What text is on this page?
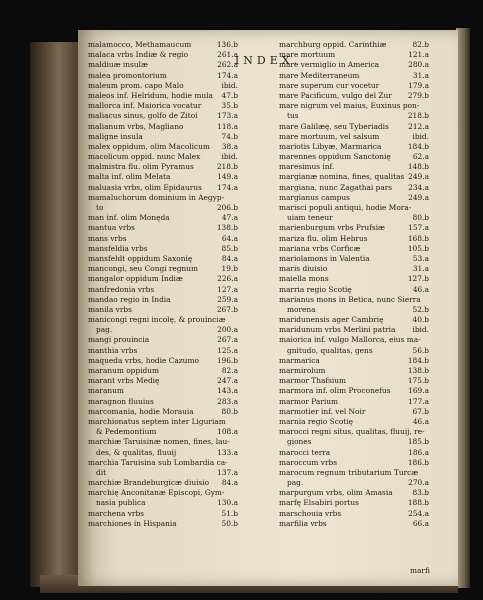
INDEX.
malamocco, Methamaucum	136.b
malaca vrbs Indiæ & regio	261.a
maldiuæ insulæ	262.a
malea promontorium	174.a
maleum prom. capo Malo	ibid.
maleos inf. Helridum, hodie mula 47.b
mallorca inf. Maiorica vocatur	35.b
maliacus sinus, golfo de Zitoi	173.a
malianum vrbs, Magliano	118.a
maligne insula	74.b
malex oppidum, olim Macolicum 38.a
macolicum oppid. nunc Malex	ibid.
malmistra flu. olim Pyramus	218.b
malta inf. olim Melata	149.a
maluasia vrbs, olim Epidaurus 174.a
mamaluchorum dominium in Aegyp-
to	206.b
man inf. olim Monęda	47.a
mantua vrbs	138.b
mans vrbs	64.a
mansfeldia vrbs	85.b
mansfeldt oppidum Saxonię	84.a
mancongi, seu Congi regnum	19.b
mangalor oppidum Indiæ	226.a
manfredonia vrbs	127.a
mandao regio in India	259.a
manila vrbs	267.b
manicongi regni incolę, & prouinciæ
pag.	200.a
mangi prouincia	267.a
manthia vrbs	125.a
maqueda vrbs, hodie Cazumo 196.b
maranum oppidum	82.a
marant vrbs Medię	247.a
maranum	143.a
maragnon fluuius	283.a
marcomania, hodie Morauia	80.b
marchionatus septem inter Liguriam
& Pedemontium	108.a
marchiæ Taruisinæ nomen, fines, lau-
des, & qualitas, fluuij	133.a
marchia Taruisina sub Lombardia ca-
dit	137.a
marchiæ Brandeburgicæ diuisio 84.a
marchię Anconitanæ Episcopi, Gym-
nasia publica	130.a
marchena vrbs	51.b
marchiones in Hispania	50.b
marchburg oppid. Carinthiæ	82.b
mare mortuum	121.a
mare vermiglio in America	280.a
mare Mediterraneum	31.a
mare superum cur vocetur	179.a
mare Pacificum, vulgo del Zur 279.b
mare nigrum vel maius, Euxinus pon-
tus	218.b
mare Galilæę, seu Tyberiadis	212.a
mare mortuum, vel salsum	ibid.
mariotis Libyæ, Marmarica	184.b
marennes oppidum Sanctonię	62.a
maresimus inf.	148.b
margianæ nomina, fines, qualitas 249.a
margiana, nunc Zagathai pars 234.a
margianus campus	249.a
marisci populi antiqui, hodie Mora-
uiam teneur	80.b
marienburgum vrbs Prufsiæ	157.a
mariza flu. olim Hebrus	168.b
mariana vrbs Corficæ	105.b
mariolamons in Valentia	53.a
maris diuisio	31.a
maiella mons	127.b
marria regio Scotię	46.a
marianus mons in Betica, nunc Sierra
morena	52.b
maridunensis ager Cambrię	40.b
maridunum vrbs Merlini patria ibid.
maiorica inf. vulgo Mallorca, eius ma-
gnitudo, qualitas, gens	56.b
marmarica	184.b
marmirolum	138.b
marmor Thafsium	175.b
marmora inf. olim Proconefus 169.a
marmor Parium	177.a
marmotier inf. vel Noir	67.b
marnia regio Scotię	46.a
marocci regni situs, qualitas, fluuij, re-
giones	185.b
marocci terra	186.a
maroccum vrbs	186.b
marocum regnum tributarium Turcæ
pag.	270.a
marpurgum vrbs, olim Amasia	83.b
marfę Elsabiri portus	188.b
marschouia vrbs	254.a
marfilia vrbs	66.a
marfi
